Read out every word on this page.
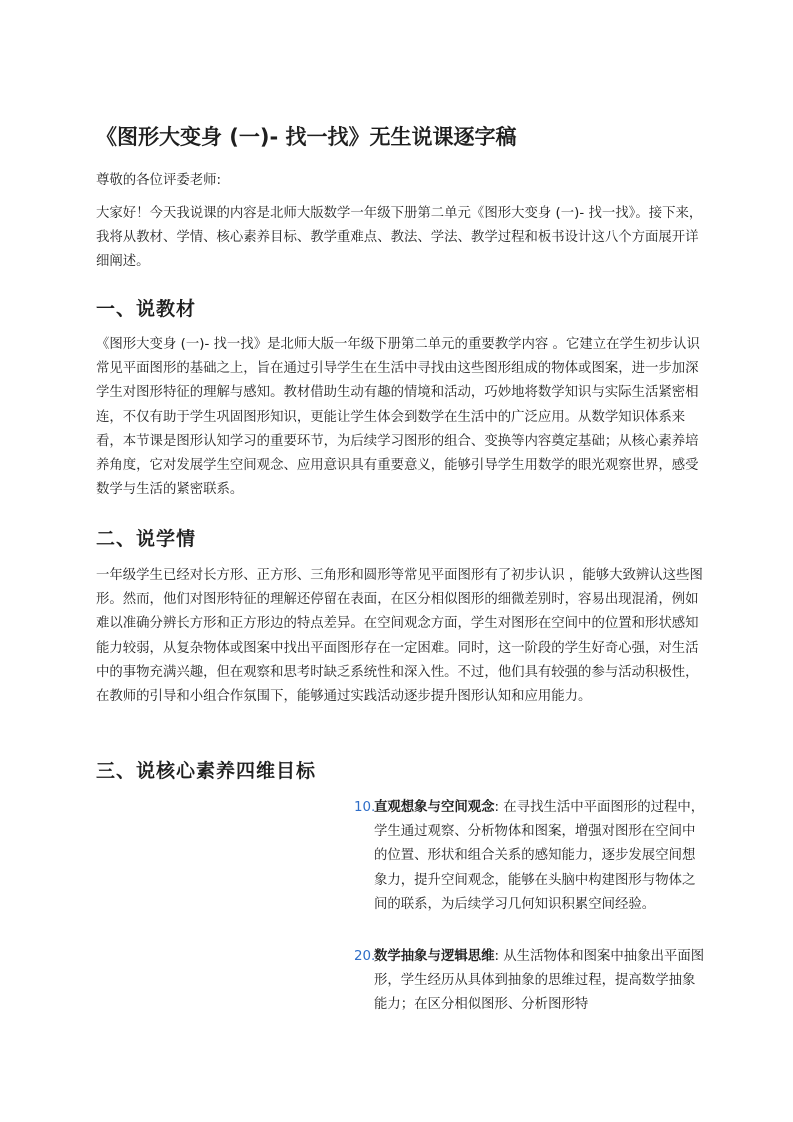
《图形大变身 (一)- 找一找》无生说课逐字稿

尊敬的各位评委老师:

大家好！今天我说课的内容是北师大版数学一年级下册第二单元《图形大变身 (一)- 找一找》。接下来，我将从教材、学情、核心素养目标、教学重难点、教法、学法、教学过程和板书设计这八个方面展开详细阐述。

一、说教材

《图形大变身 (一)- 找一找》是北师大版一年级下册第二单元的重要教学内容 。它建立在学生初步认识常见平面图形的基础之上，旨在通过引导学生在生活中寻找由这些图形组成的物体或图案，进一步加深学生对图形特征的理解与感知。教材借助生动有趣的情境和活动，巧妙地将数学知识与实际生活紧密相连，不仅有助于学生巩固图形知识，更能让学生体会到数学在生活中的广泛应用。从数学知识体系来看，本节课是图形认知学习的重要环节，为后续学习图形的组合、变换等内容奠定基础；从核心素养培养角度，它对发展学生空间观念、应用意识具有重要意义，能够引导学生用数学的眼光观察世界，感受数学与生活的紧密联系。

二、说学情

一年级学生已经对长方形、正方形、三角形和圆形等常见平面图形有了初步认识 ，能够大致辨认这些图形。然而，他们对图形特征的理解还停留在表面，在区分相似图形的细微差别时，容易出现混淆，例如难以准确分辨长方形和正方形边的特点差异。在空间观念方面，学生对图形在空间中的位置和形状感知能力较弱，从复杂物体或图案中找出平面图形存在一定困难。同时，这一阶段的学生好奇心强，对生活中的事物充满兴趣，但在观察和思考时缺乏系统性和深入性。不过，他们具有较强的参与活动积极性，在教师的引导和小组合作氛围下，能够通过实践活动逐步提升图形认知和应用能力。

三、说核心素养四维目标
10.
直观想象与空间观念: 在寻找生活中平面图形的过程中，学生通过观察、分析物体和图案，增强对图形在空间中的位置、形状和组合关系的感知能力，逐步发展空间想象力，提升空间观念，能够在头脑中构建图形与物体之间的联系，为后续学习几何知识积累空间经验。
20.
数学抽象与逻辑思维: 从生活物体和图案中抽象出平面图形，学生经历从具体到抽象的思维过程，提高数学抽象能力；在区分相似图形、分析图形特
